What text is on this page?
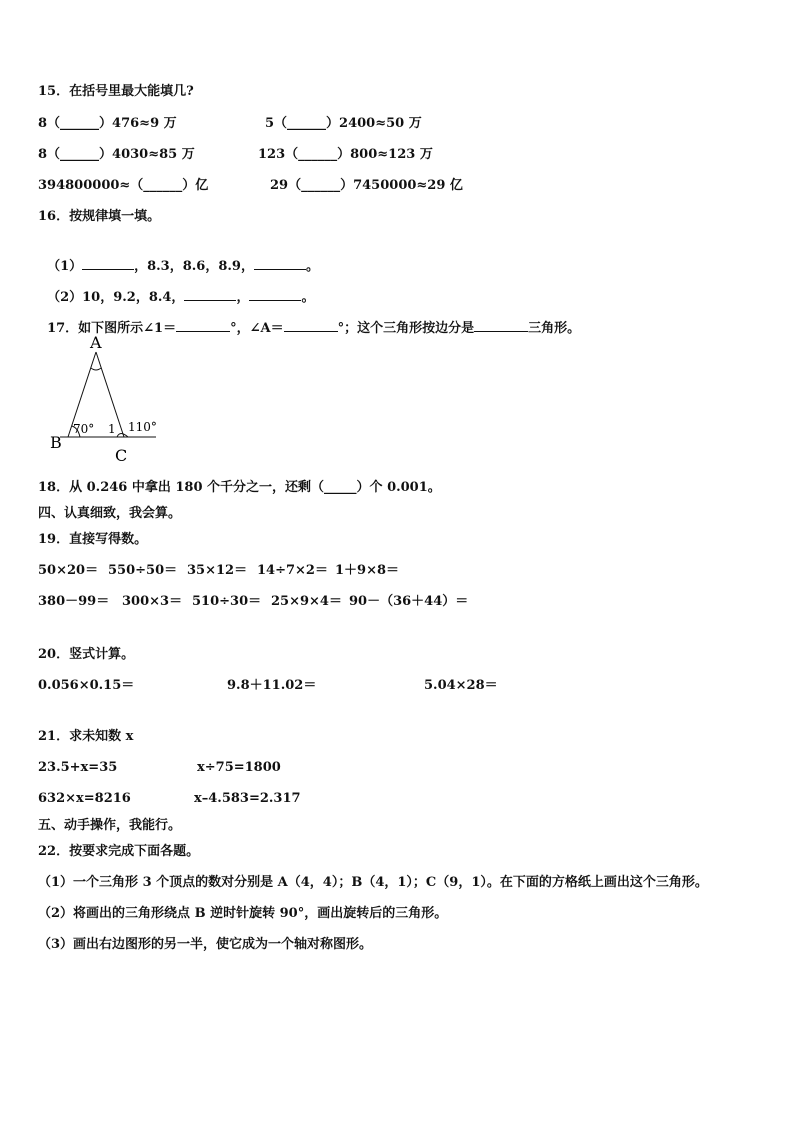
15．在括号里最大能填几?
8（______）476≈9 万	5（______）2400≈50 万
8（______）4030≈85 万	123（______）800≈123 万
394800000≈（______）亿	29（______）7450000≈29 亿
16．按规律填一填。

（1）	，8.3，8.6，8.9，	。

（2）10，9.2，8.4，	，	。

17．如下图所示∠1＝	°，∠A＝	°；这个三角形按边分是	三角形。

A
B
C
70° 1 110°
18．从 0.246 中拿出 180 个千分之一，还剩（_____）个 0.001。
四、认真细致，我会算。
19．直接写得数。
50×20＝ 550÷50＝ 35×12＝ 14÷7×2＝ 1＋9×8＝
380－99＝ 300×3＝ 510÷30＝ 25×9×4＝ 90－（36＋44）＝
20．竖式计算。
0.056×0.15＝	9.8＋11.02＝	5.04×28＝
21．求未知数 x
23.5+x=35	x÷75=1800
632×x=8216	x–4.583=2.317
五、动手操作，我能行。
22．按要求完成下面各题。
（1）一个三角形 3 个顶点的数对分别是 A（4，4）；B（4，1）；C（9，1）。在下面的方格纸上画出这个三角形。
（2）将画出的三角形绕点 B 逆时针旋转 90°，画出旋转后的三角形。
（3）画出右边图形的另一半，使它成为一个轴对称图形。
